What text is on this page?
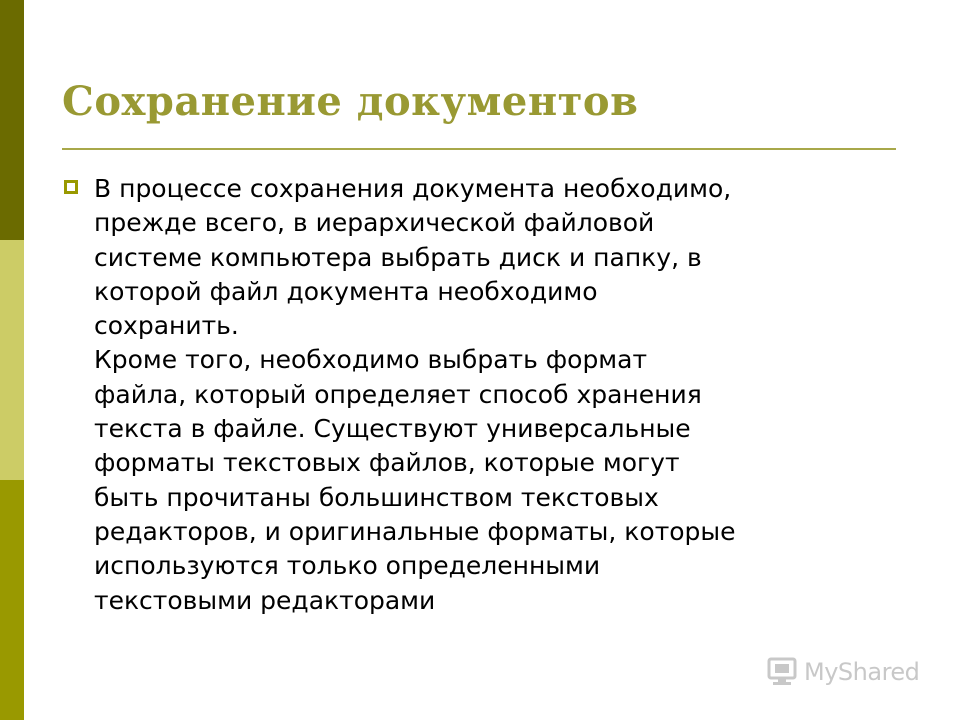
Сохранение документов
В процессе сохранения документа необходимо,
прежде всего, в иерархической файловой
системе компьютера выбрать диск и папку, в
которой файл документа необходимо
сохранить.
Кроме того, необходимо выбрать формат
файла, который определяет способ хранения
текста в файле. Существуют универсальные
форматы текстовых файлов, которые могут
быть прочитаны большинством текстовых
редакторов, и оригинальные форматы, которые
используются только определенными
текстовыми редакторами
MyShared
